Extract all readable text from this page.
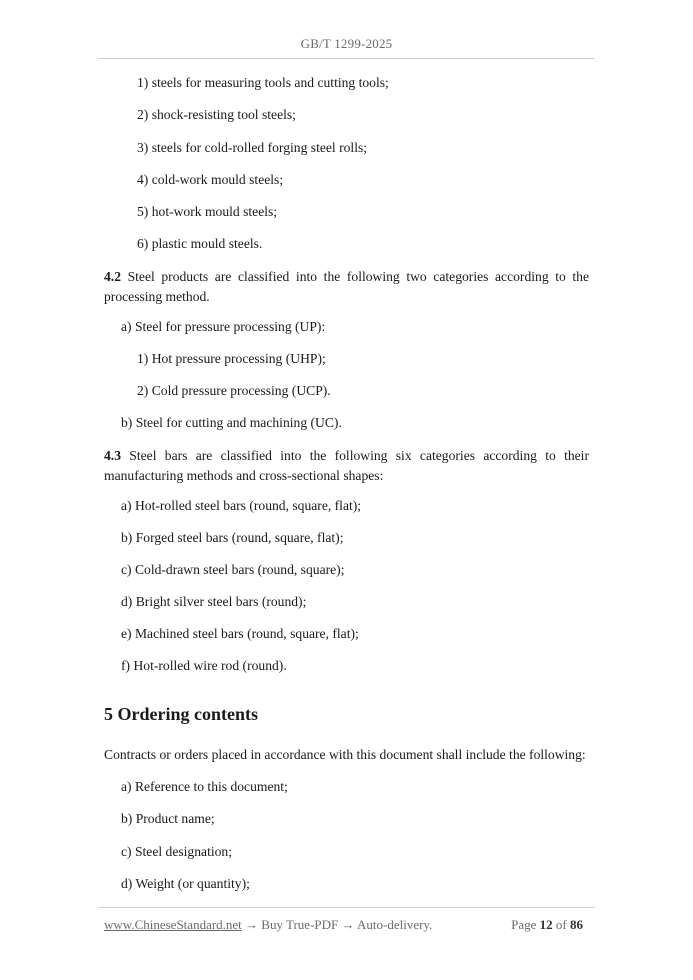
GB/T 1299-2025
1) steels for measuring tools and cutting tools;
2) shock-resisting tool steels;
3) steels for cold-rolled forging steel rolls;
4) cold-work mould steels;
5) hot-work mould steels;
6) plastic mould steels.
4.2 Steel products are classified into the following two categories according to the processing method.
a) Steel for pressure processing (UP):
1) Hot pressure processing (UHP);
2) Cold pressure processing (UCP).
b) Steel for cutting and machining (UC).
4.3 Steel bars are classified into the following six categories according to their manufacturing methods and cross-sectional shapes:
a) Hot-rolled steel bars (round, square, flat);
b) Forged steel bars (round, square, flat);
c) Cold-drawn steel bars (round, square);
d) Bright silver steel bars (round);
e) Machined steel bars (round, square, flat);
f) Hot-rolled wire rod (round).
5 Ordering contents
Contracts or orders placed in accordance with this document shall include the following:
a) Reference to this document;
b) Product name;
c) Steel designation;
d) Weight (or quantity);
www.ChineseStandard.net → Buy True-PDF → Auto-delivery.	Page 12 of 86
